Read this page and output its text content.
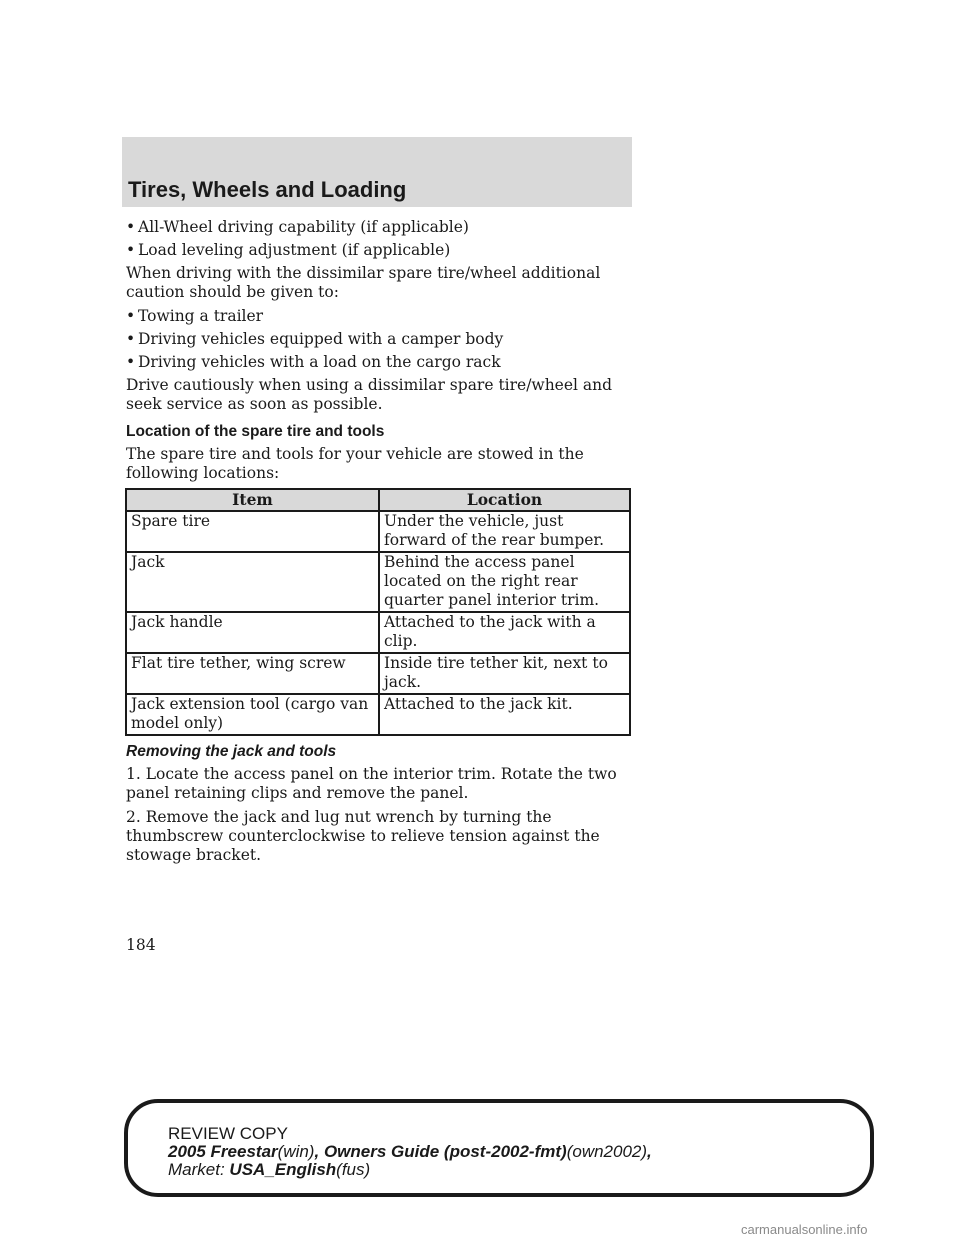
Tires, Wheels and Loading
• All-Wheel driving capability (if applicable)
• Load leveling adjustment (if applicable)

When driving with the dissimilar spare tire/wheel additional caution should be given to:

• Towing a trailer
• Driving vehicles equipped with a camper body
• Driving vehicles with a load on the cargo rack

Drive cautiously when using a dissimilar spare tire/wheel and seek service as soon as possible.

Location of the spare tire and tools

The spare tire and tools for your vehicle are stowed in the following locations:

Item	Location
Spare tire	Under the vehicle, just forward of the rear bumper.
Jack	Behind the access panel located on the right rear quarter panel interior trim.
Jack handle	Attached to the jack with a clip.
Flat tire tether, wing screw	Inside tire tether kit, next to jack.
Jack extension tool (cargo van model only)	Attached to the jack kit.
Removing the jack and tools

1. Locate the access panel on the interior trim. Rotate the two panel retaining clips and remove the panel.

2. Remove the jack and lug nut wrench by turning the thumbscrew counterclockwise to relieve tension against the stowage bracket.

184
REVIEW COPY
2005 Freestar(win), Owners Guide (post-2002-fmt)(own2002),
Market: USA_English(fus)
carmanualsonline.info
